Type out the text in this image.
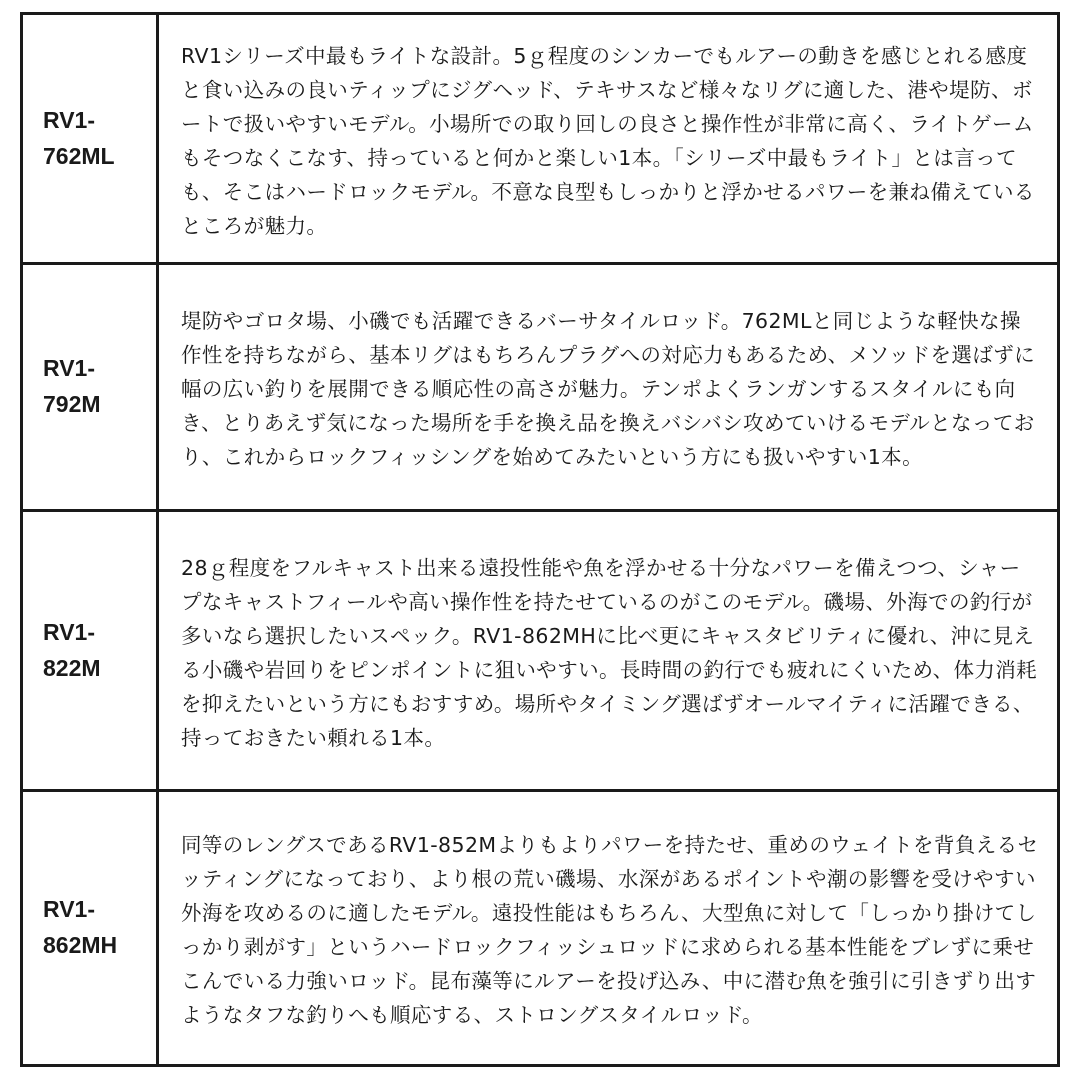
RV1-762ML
RV1シリーズ中最もライトな設計。5ｇ程度のシンカーでもルアーの動きを感じとれる感度と食い込みの良いティップにジグヘッド、テキサスなど様々なリグに適した、港や堤防、ボートで扱いやすいモデル。小場所での取り回しの良さと操作性が非常に高く、ライトゲームもそつなくこなす、持っていると何かと楽しい1本。「シリーズ中最もライト」とは言っても、そこはハードロックモデル。不意な良型もしっかりと浮かせるパワーを兼ね備えているところが魅力。
RV1-792M
堤防やゴロタ場、小磯でも活躍できるバーサタイルロッド。762MLと同じような軽快な操作性を持ちながら、基本リグはもちろんプラグへの対応力もあるため、メソッドを選ばずに幅の広い釣りを展開できる順応性の高さが魅力。テンポよくランガンするスタイルにも向き、とりあえず気になった場所を手を換え品を換えバシバシ攻めていけるモデルとなっており、これからロックフィッシングを始めてみたいという方にも扱いやすい1本。
RV1-822M
28ｇ程度をフルキャスト出来る遠投性能や魚を浮かせる十分なパワーを備えつつ、シャープなキャストフィールや高い操作性を持たせているのがこのモデル。磯場、外海での釣行が多いなら選択したいスペック。RV1-862MHに比べ更にキャスタビリティに優れ、沖に見える小磯や岩回りをピンポイントに狙いやすい。長時間の釣行でも疲れにくいため、体力消耗を抑えたいという方にもおすすめ。場所やタイミング選ばずオールマイティに活躍できる、持っておきたい頼れる1本。
RV1-862MH
同等のレングスであるRV1-852Mよりもよりパワーを持たせ、重めのウェイトを背負えるセッティングになっており、より根の荒い磯場、水深があるポイントや潮の影響を受けやすい外海を攻めるのに適したモデル。遠投性能はもちろん、大型魚に対して「しっかり掛けてしっかり剥がす」というハードロックフィッシュロッドに求められる基本性能をブレずに乗せこんでいる力強いロッド。昆布藻等にルアーを投げ込み、中に潜む魚を強引に引きずり出すようなタフな釣りへも順応する、ストロングスタイルロッド。
